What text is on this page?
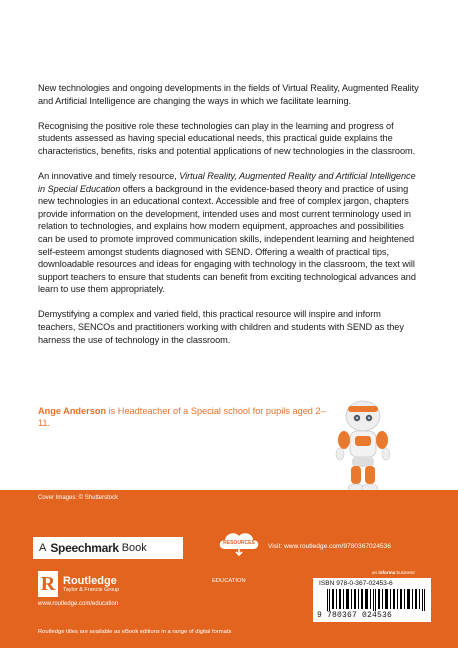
New technologies and ongoing developments in the fields of Virtual Reality, Augmented Reality and Artificial Intelligence are changing the ways in which we facilitate learning.

Recognising the positive role these technologies can play in the learning and progress of students assessed as having special educational needs, this practical guide explains the characteristics, benefits, risks and potential applications of new technologies in the classroom.

An innovative and timely resource, Virtual Reality, Augmented Reality and Artificial Intelligence in Special Education offers a background in the evidence-based theory and practice of using new technologies in an educational context. Accessible and free of complex jargon, chapters provide information on the development, intended uses and most current terminology used in relation to technologies, and explains how modern equipment, approaches and possibilities can be used to promote improved communication skills, independent learning and heightened self-esteem amongst students diagnosed with SEND. Offering a wealth of practical tips, downloadable resources and ideas for engaging with technology in the classroom, the text will support teachers to ensure that students can benefit from exciting technological advances and learn to use them appropriately.

Demystifying a complex and varied field, this practical resource will inspire and inform teachers, SENCOs and practitioners working with children and students with SEND as they harness the use of technology in the classroom.

Ange Anderson is Headteacher of a Special school for pupils aged 2–11.

Cover Images: © Shutterstock
A Speechmark Book
R Routledge
Taylor & Francis Group
www.routledge.com/education
RESOURCES Visit: www.routledge.com/9780367024536
an informa business
EDUCATION	ISBN 978-0-367-02453-6
9 780367 024536
Routledge titles are available as eBook editions in a range of digital formats
